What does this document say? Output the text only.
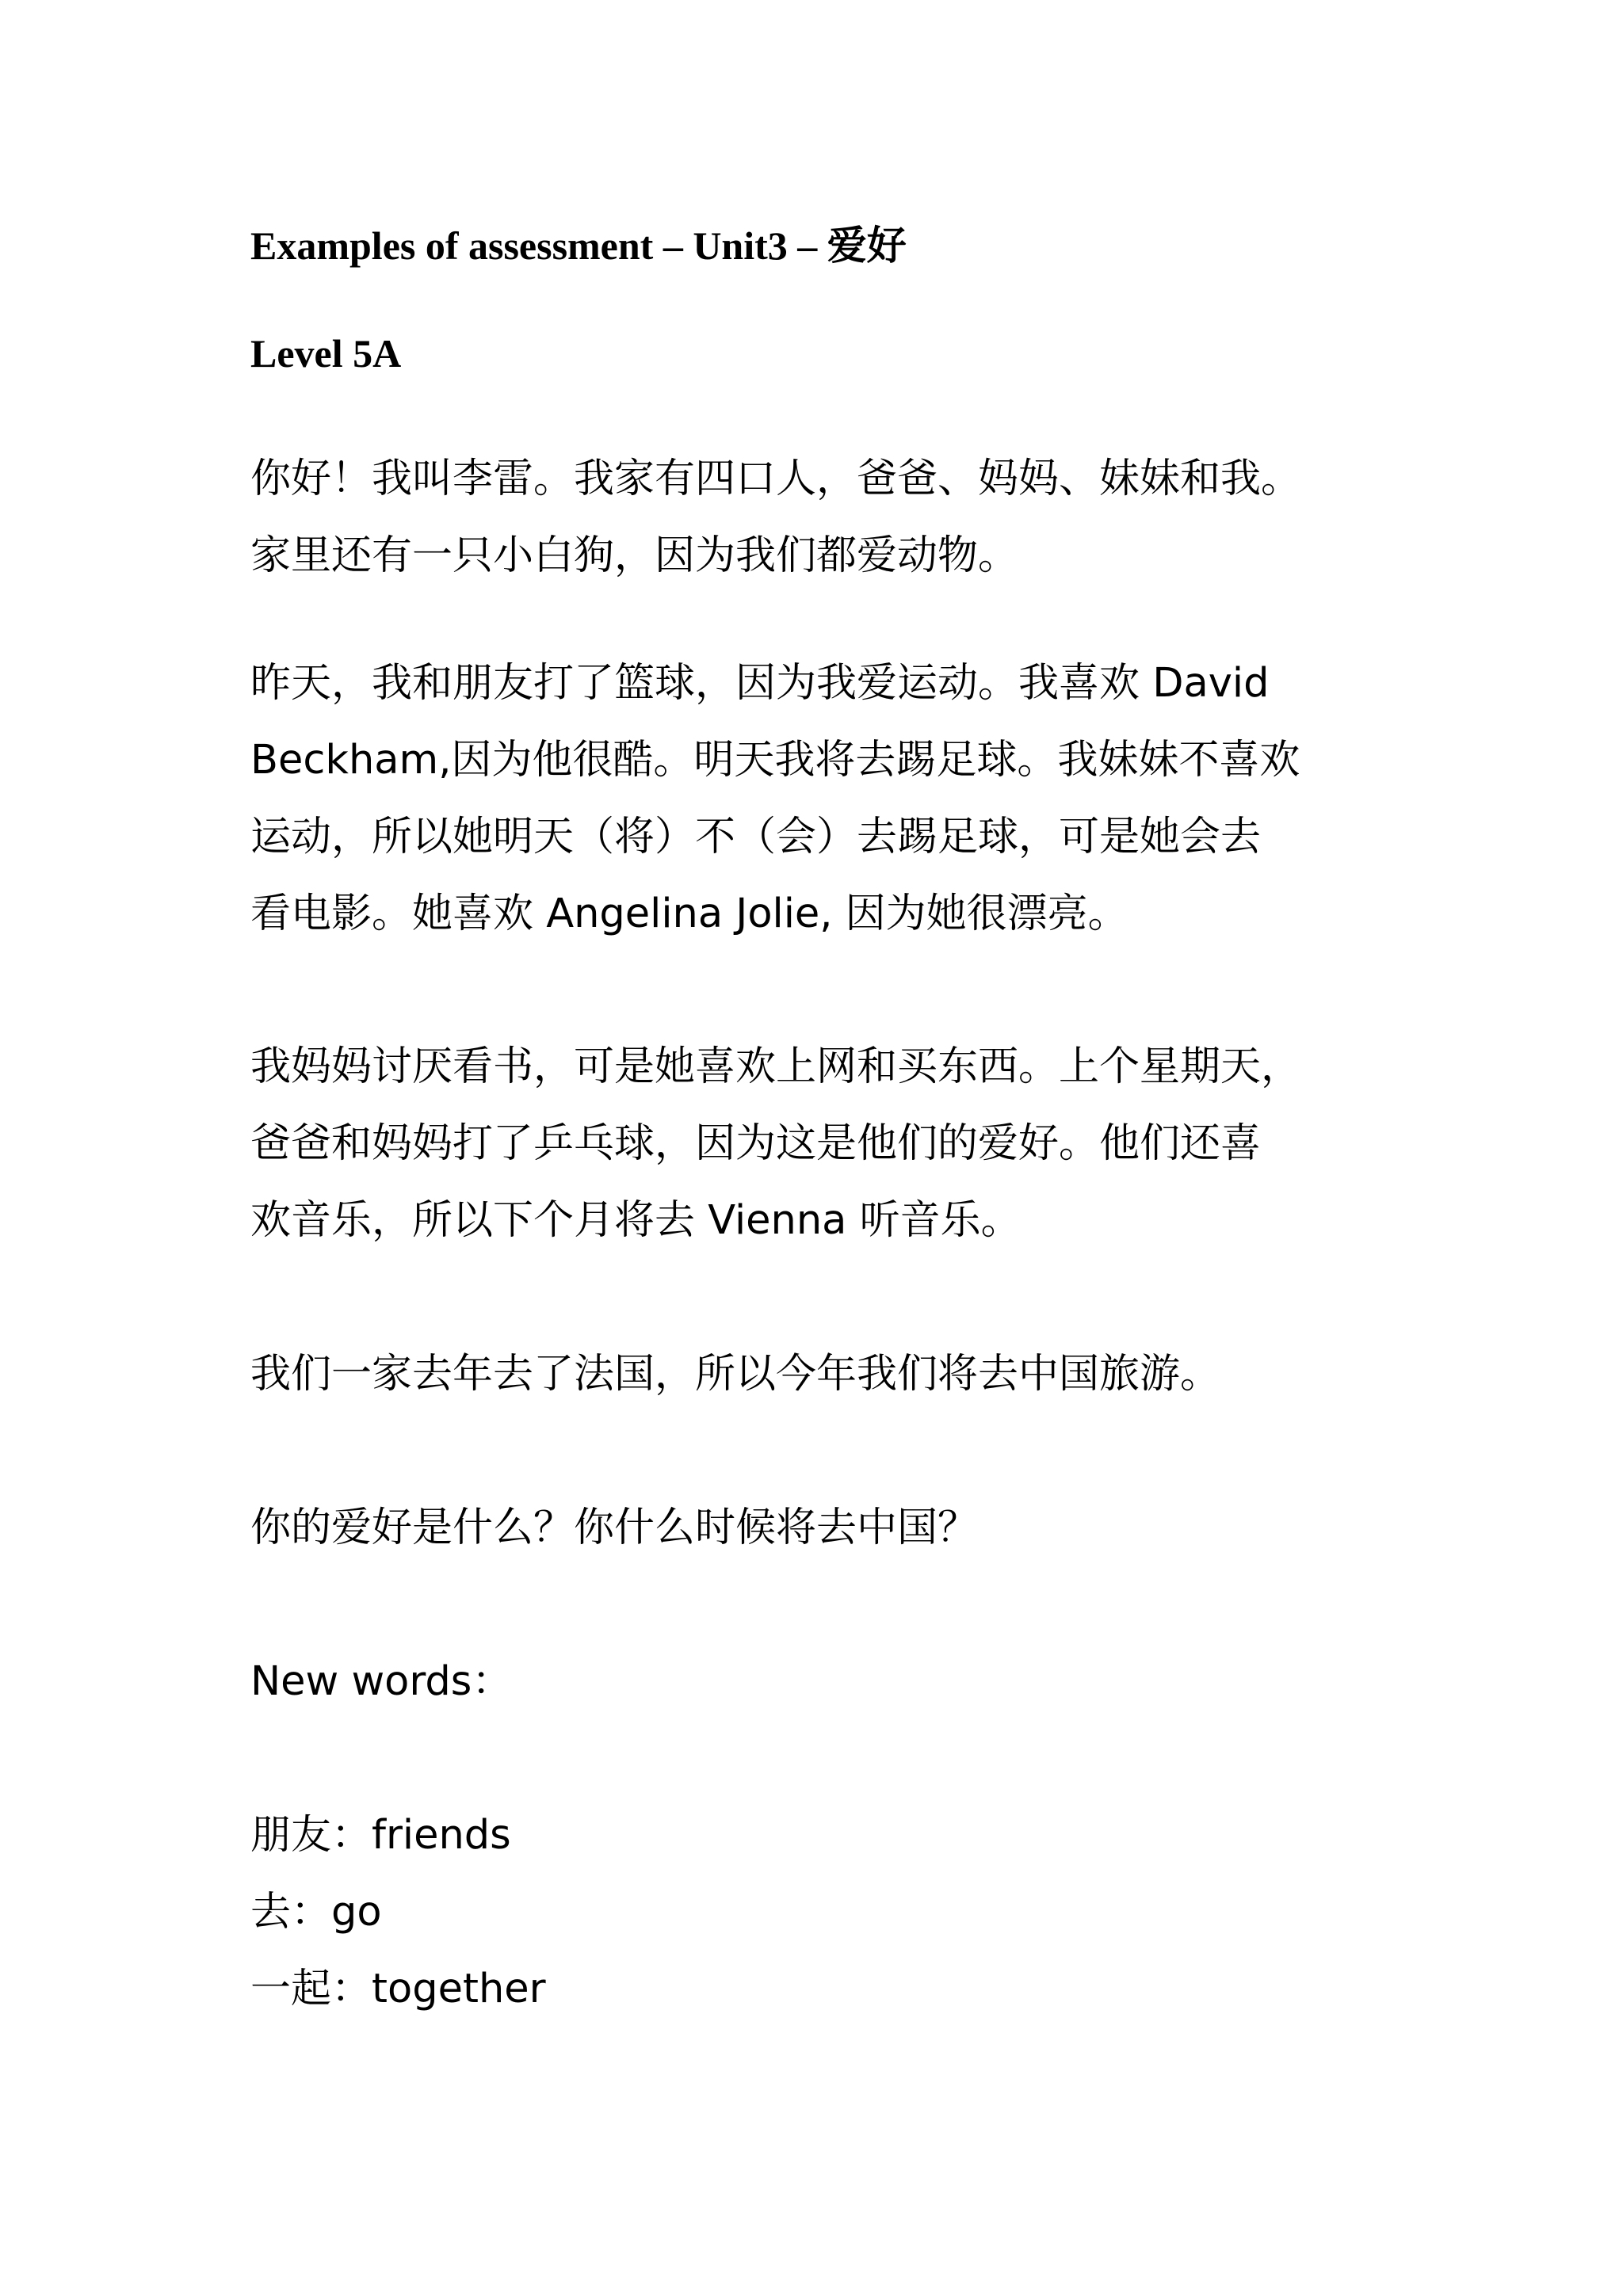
Examples of assessment – Unit3 – 爱好
Level 5A
你好！我叫李雷。我家有四口人，爸爸、妈妈、妹妹和我。
家里还有一只小白狗，因为我们都爱动物。
昨天，我和朋友打了篮球，因为我爱运动。我喜欢 David
Beckham,因为他很酷。明天我将去踢足球。我妹妹不喜欢
运动，所以她明天（将）不（会）去踢足球，可是她会去
看电影。她喜欢 Angelina Jolie, 因为她很漂亮。
我妈妈讨厌看书，可是她喜欢上网和买东西。上个星期天，
爸爸和妈妈打了乒乓球，因为这是他们的爱好。他们还喜
欢音乐，所以下个月将去 Vienna 听音乐。
我们一家去年去了法国，所以今年我们将去中国旅游。
你的爱好是什么？你什么时候将去中国？
New words：
朋友：friends
去：go
一起：together
